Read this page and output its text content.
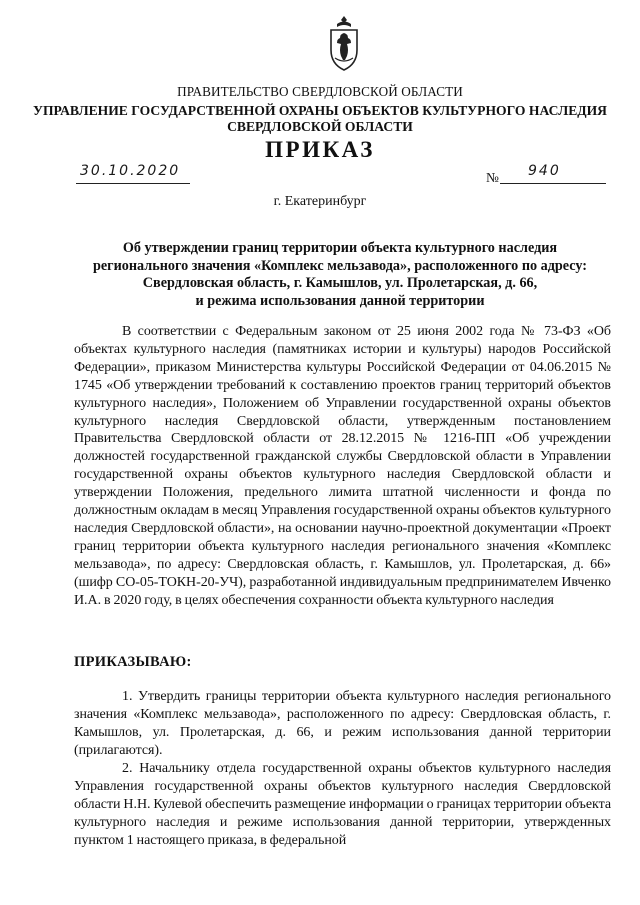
ПРАВИТЕЛЬСТВО СВЕРДЛОВСКОЙ ОБЛАСТИ
УПРАВЛЕНИЕ ГОСУДАРСТВЕННОЙ ОХРАНЫ ОБЪЕКТОВ КУЛЬТУРНОГО НАСЛЕДИЯ
СВЕРДЛОВСКОЙ ОБЛАСТИ
ПРИКАЗ
30.10.2020	№ 940
г. Екатеринбург
Об утверждении границ территории объекта культурного наследия
регионального значения «Комплекс мельзавода», расположенного по адресу:
Свердловская область, г. Камышлов, ул. Пролетарская, д. 66,
и режима использования данной территории
В соответствии с Федеральным законом от 25 июня 2002 года № 73-ФЗ «Об объектах культурного наследия (памятниках истории и культуры) народов Российской Федерации», приказом Министерства культуры Российской Федерации от 04.06.2015 № 1745 «Об утверждении требований к составлению проектов границ территорий объектов культурного наследия», Положением об Управлении государственной охраны объектов культурного наследия Свердловской области, утвержденным постановлением Правительства Свердловской области от 28.12.2015 № 1216-ПП «Об учреждении должностей государственной гражданской службы Свердловской области в Управлении государственной охраны объектов культурного наследия Свердловской области и утверждении Положения, предельного лимита штатной численности и фонда по должностным окладам в месяц Управления государственной охраны объектов культурного наследия Свердловской области», на основании научно-проектной документации «Проект границ территории объекта культурного наследия регионального значения «Комплекс мельзавода», по адресу: Свердловская область, г. Камышлов, ул. Пролетарская, д. 66» (шифр СО-05-ТОКН-20-УЧ), разработанной индивидуальным предпринимателем Ивченко И.А. в 2020 году, в целях обеспечения сохранности объекта культурного наследия
ПРИКАЗЫВАЮ:
1. Утвердить границы территории объекта культурного наследия регионального значения «Комплекс мельзавода», расположенного по адресу: Свердловская область, г. Камышлов, ул. Пролетарская, д. 66, и режим использования данной территории (прилагаются).
2. Начальнику отдела государственной охраны объектов культурного наследия Управления государственной охраны объектов культурного наследия Свердловской области Н.Н. Кулевой обеспечить размещение информации о границах территории объекта культурного наследия и режиме использования данной территории, утвержденных пунктом 1 настоящего приказа, в федеральной
